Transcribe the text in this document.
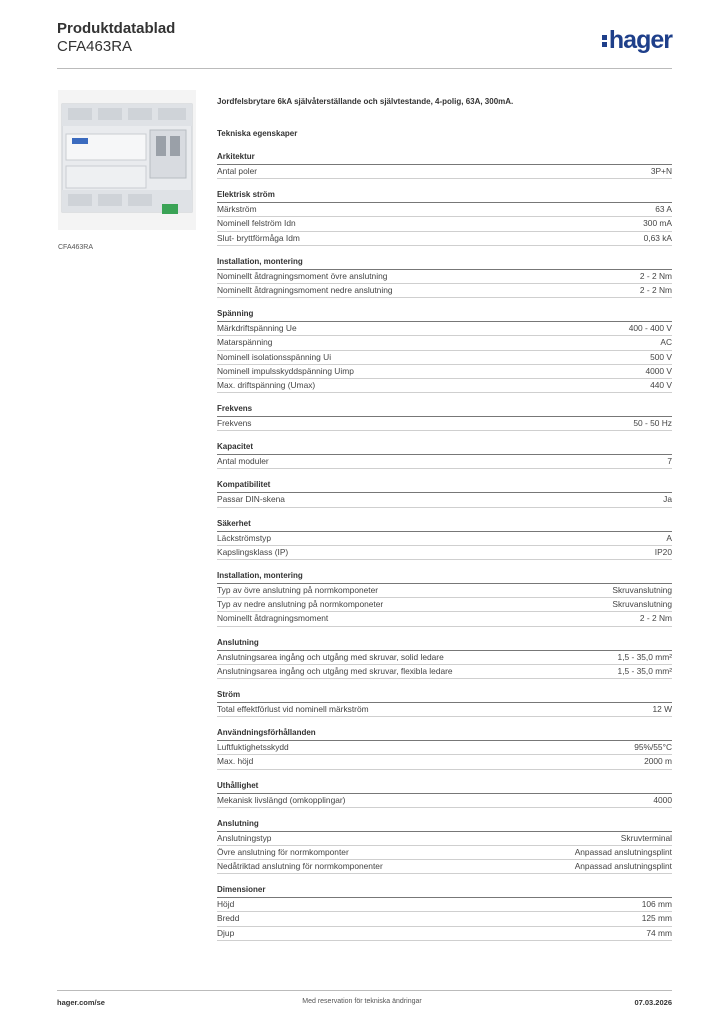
Produktdatablad
CFA463RA	hager
CFA463RA
Jordfelsbrytare 6kA självåterställande och självtestande, 4-polig, 63A, 300mA.
Tekniska egenskaper
Arkitektur
Antal poler	3P+N
Elektrisk ström
Märkström	63 A
Nominell felström Idn	300 mA
Slut- bryttförmåga Idm	0,63 kA
Installation, montering
Nominellt åtdragningsmoment övre anslutning	2 - 2 Nm
Nominellt åtdragningsmoment nedre anslutning	2 - 2 Nm
Spänning
Märkdriftspänning Ue	400 - 400 V
Matarspänning	AC
Nominell isolationsspänning Ui	500 V
Nominell impulsskyddspänning Uimp	4000 V
Max. driftspänning (Umax)	440 V
Frekvens
Frekvens	50 - 50 Hz
Kapacitet
Antal moduler	7
Kompatibilitet
Passar DIN-skena	Ja
Säkerhet
Läckströmstyp	A
Kapslingsklass (IP)	IP20
Installation, montering
Typ av övre anslutning på normkomponeter	Skruvanslutning
Typ av nedre anslutning på normkomponeter	Skruvanslutning
Nominellt åtdragningsmoment	2 - 2 Nm
Anslutning
Anslutningsarea ingång och utgång med skruvar, solid ledare	1,5 - 35,0 mm²
Anslutningsarea ingång och utgång med skruvar, flexibla ledare	1,5 - 35,0 mm²
Ström
Total effektförlust vid nominell märkström	12 W
Användningsförhållanden
Luftfuktighetsskydd	95%/55°C
Max. höjd	2000 m
Uthållighet
Mekanisk livslängd (omkopplingar)	4000
Anslutning
Anslutningstyp	Skruvterminal
Övre anslutning för normkomponter	Anpassad anslutningsplint
Nedåtriktad anslutning för normkomponenter	Anpassad anslutningsplint
Dimensioner
Höjd	106 mm
Bredd	125 mm
Djup	74 mm
hager.com/se	Med reservation för tekniska ändringar	07.03.2026
